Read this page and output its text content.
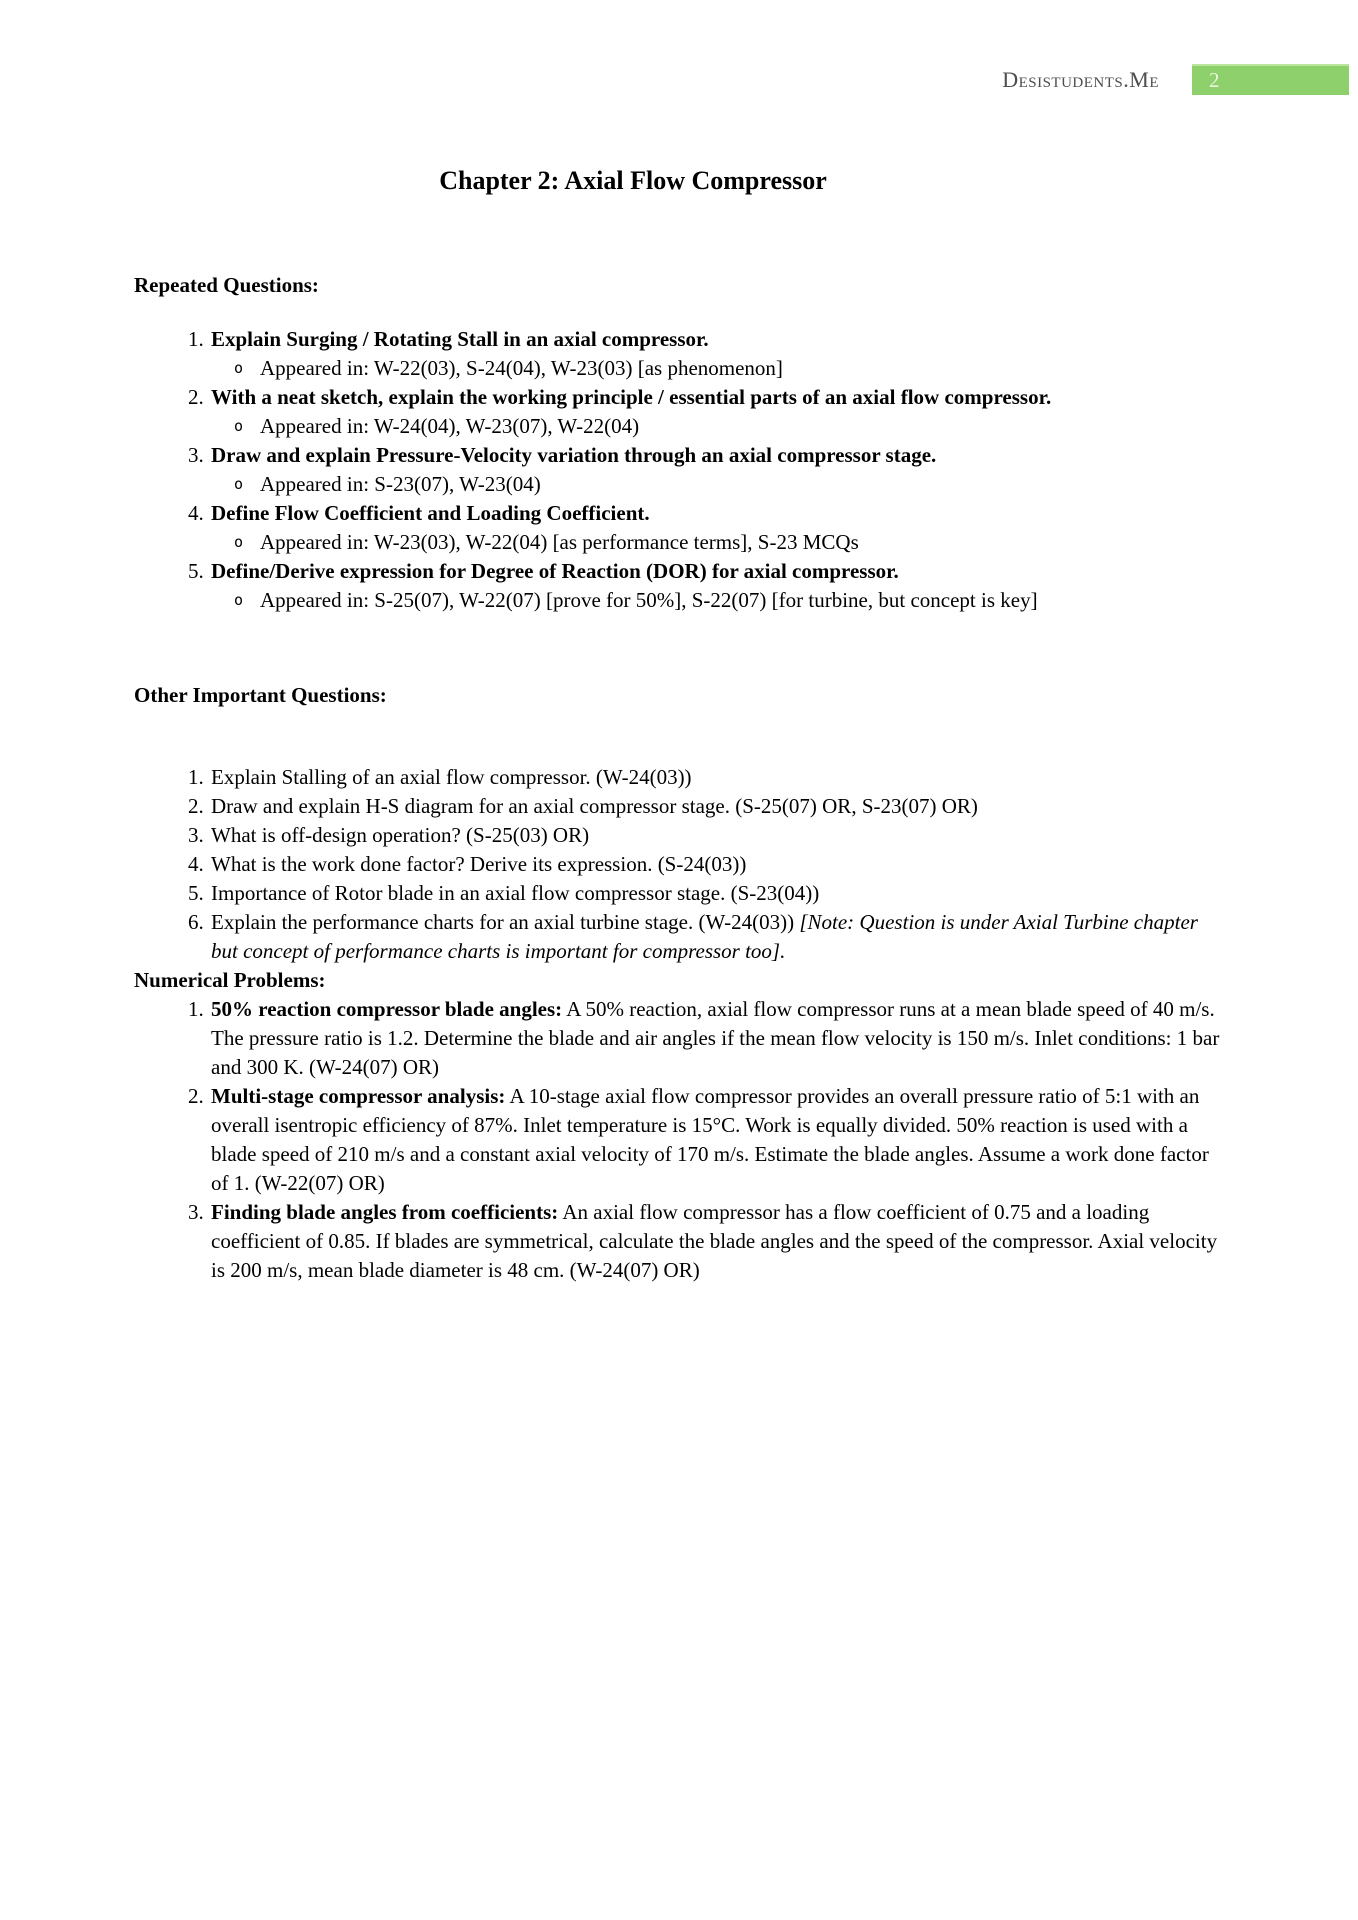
Desistudents.Me 2
Chapter 2: Axial Flow Compressor
Repeated Questions:
1. Explain Surging / Rotating Stall in an axial compressor.
o Appeared in: W-22(03), S-24(04), W-23(03) [as phenomenon]
2. With a neat sketch, explain the working principle / essential parts of an axial flow compressor.
o Appeared in: W-24(04), W-23(07), W-22(04)
3. Draw and explain Pressure-Velocity variation through an axial compressor stage.
o Appeared in: S-23(07), W-23(04)
4. Define Flow Coefficient and Loading Coefficient.
o Appeared in: W-23(03), W-22(04) [as performance terms], S-23 MCQs
5. Define/Derive expression for Degree of Reaction (DOR) for axial compressor.
o Appeared in: S-25(07), W-22(07) [prove for 50%], S-22(07) [for turbine, but concept is key]
Other Important Questions:
1. Explain Stalling of an axial flow compressor. (W-24(03))
2. Draw and explain H-S diagram for an axial compressor stage. (S-25(07) OR, S-23(07) OR)
3. What is off-design operation? (S-25(03) OR)
4. What is the work done factor? Derive its expression. (S-24(03))
5. Importance of Rotor blade in an axial flow compressor stage. (S-23(04))
6. Explain the performance charts for an axial turbine stage. (W-24(03)) [Note: Question is under Axial Turbine chapter but concept of performance charts is important for compressor too].
Numerical Problems:
1. 50% reaction compressor blade angles: A 50% reaction, axial flow compressor runs at a mean blade speed of 40 m/s. The pressure ratio is 1.2. Determine the blade and air angles if the mean flow velocity is 150 m/s. Inlet conditions: 1 bar and 300 K. (W-24(07) OR)
2. Multi-stage compressor analysis: A 10-stage axial flow compressor provides an overall pressure ratio of 5:1 with an overall isentropic efficiency of 87%. Inlet temperature is 15°C. Work is equally divided. 50% reaction is used with a blade speed of 210 m/s and a constant axial velocity of 170 m/s. Estimate the blade angles. Assume a work done factor of 1. (W-22(07) OR)
3. Finding blade angles from coefficients: An axial flow compressor has a flow coefficient of 0.75 and a loading coefficient of 0.85. If blades are symmetrical, calculate the blade angles and the speed of the compressor. Axial velocity is 200 m/s, mean blade diameter is 48 cm. (W-24(07) OR)
